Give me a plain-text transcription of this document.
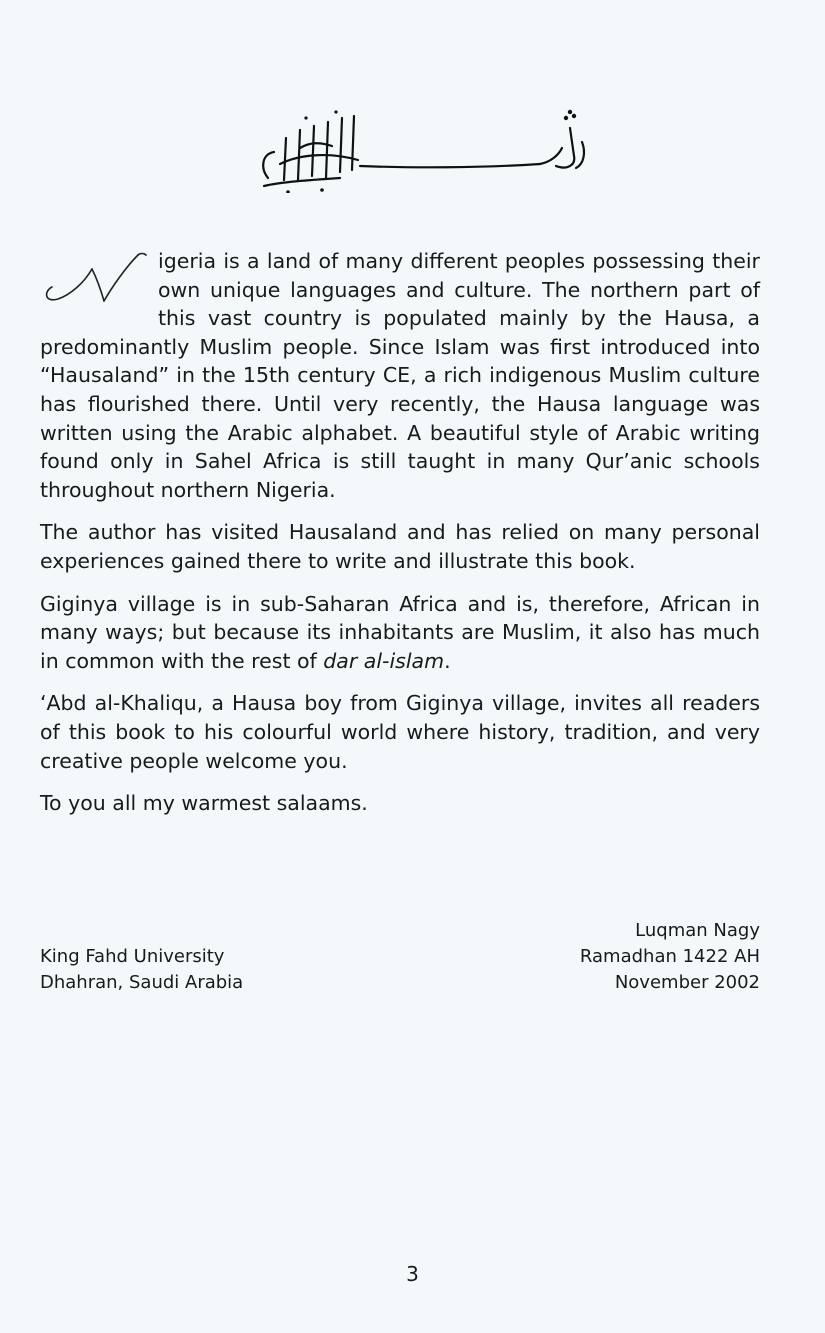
igeria is a land of many different peoples possessing their own unique languages and culture. The northern part of this vast country is populated mainly by the Hausa, a predominantly Muslim people. Since Islam was first introduced into “Hausaland” in the 15th century CE, a rich indigenous Muslim culture has flourished there. Until very recently, the Hausa language was written using the Arabic alphabet. A beautiful style of Arabic writing found only in Sahel Africa is still taught in many Qur’anic schools throughout northern Nigeria.

The author has visited Hausaland and has relied on many personal experiences gained there to write and illustrate this book.

Giginya village is in sub-Saharan Africa and is, therefore, African in many ways; but because its inhabitants are Muslim, it also has much in common with the rest of dar al-islam.

‘Abd al-Khaliqu, a Hausa boy from Giginya village, invites all readers of this book to his colourful world where history, tradition, and very creative people welcome you.

To you all my warmest salaams.

King Fahd University
Dhahran, Saudi Arabia
Luqman Nagy
Ramadhan 1422 AH
November 2002
3
